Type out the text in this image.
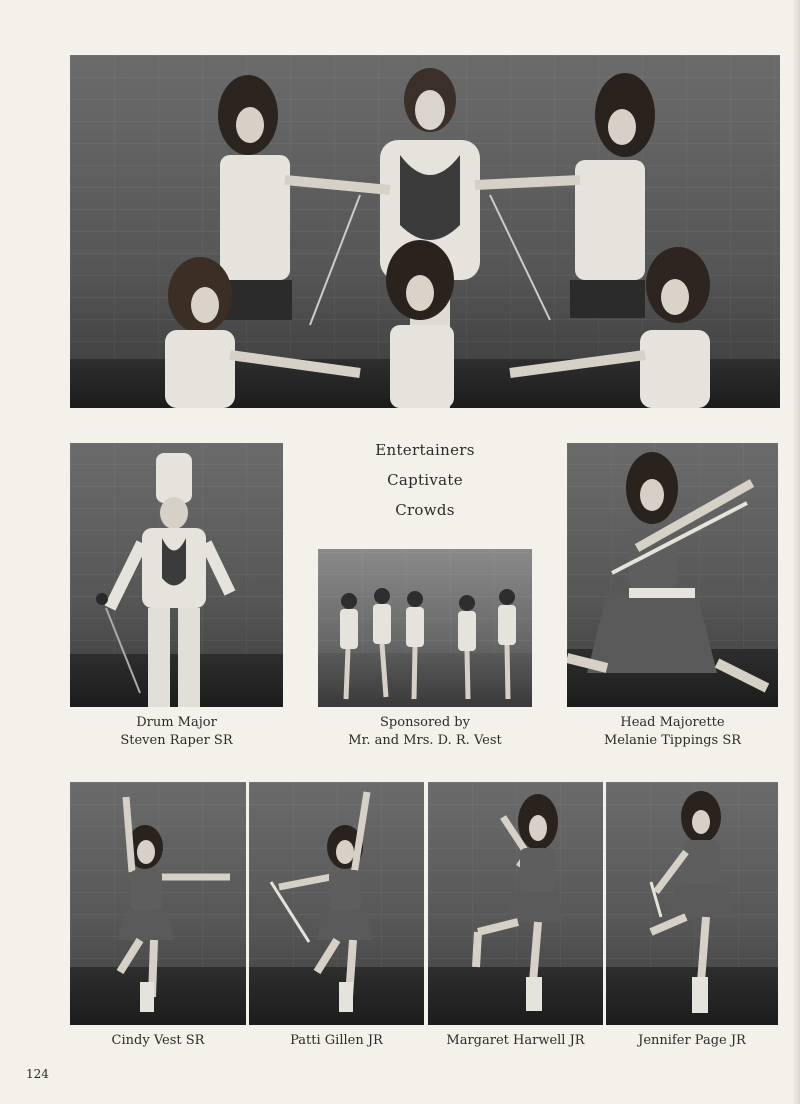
Entertainers
Captivate
Crowds
Drum Major
Steven Raper SR
Sponsored by
Mr. and Mrs. D. R. Vest
Head Majorette
Melanie Tippings SR
Cindy Vest SR	Patti Gillen JR	Margaret Harwell JR	Jennifer Page JR
124
